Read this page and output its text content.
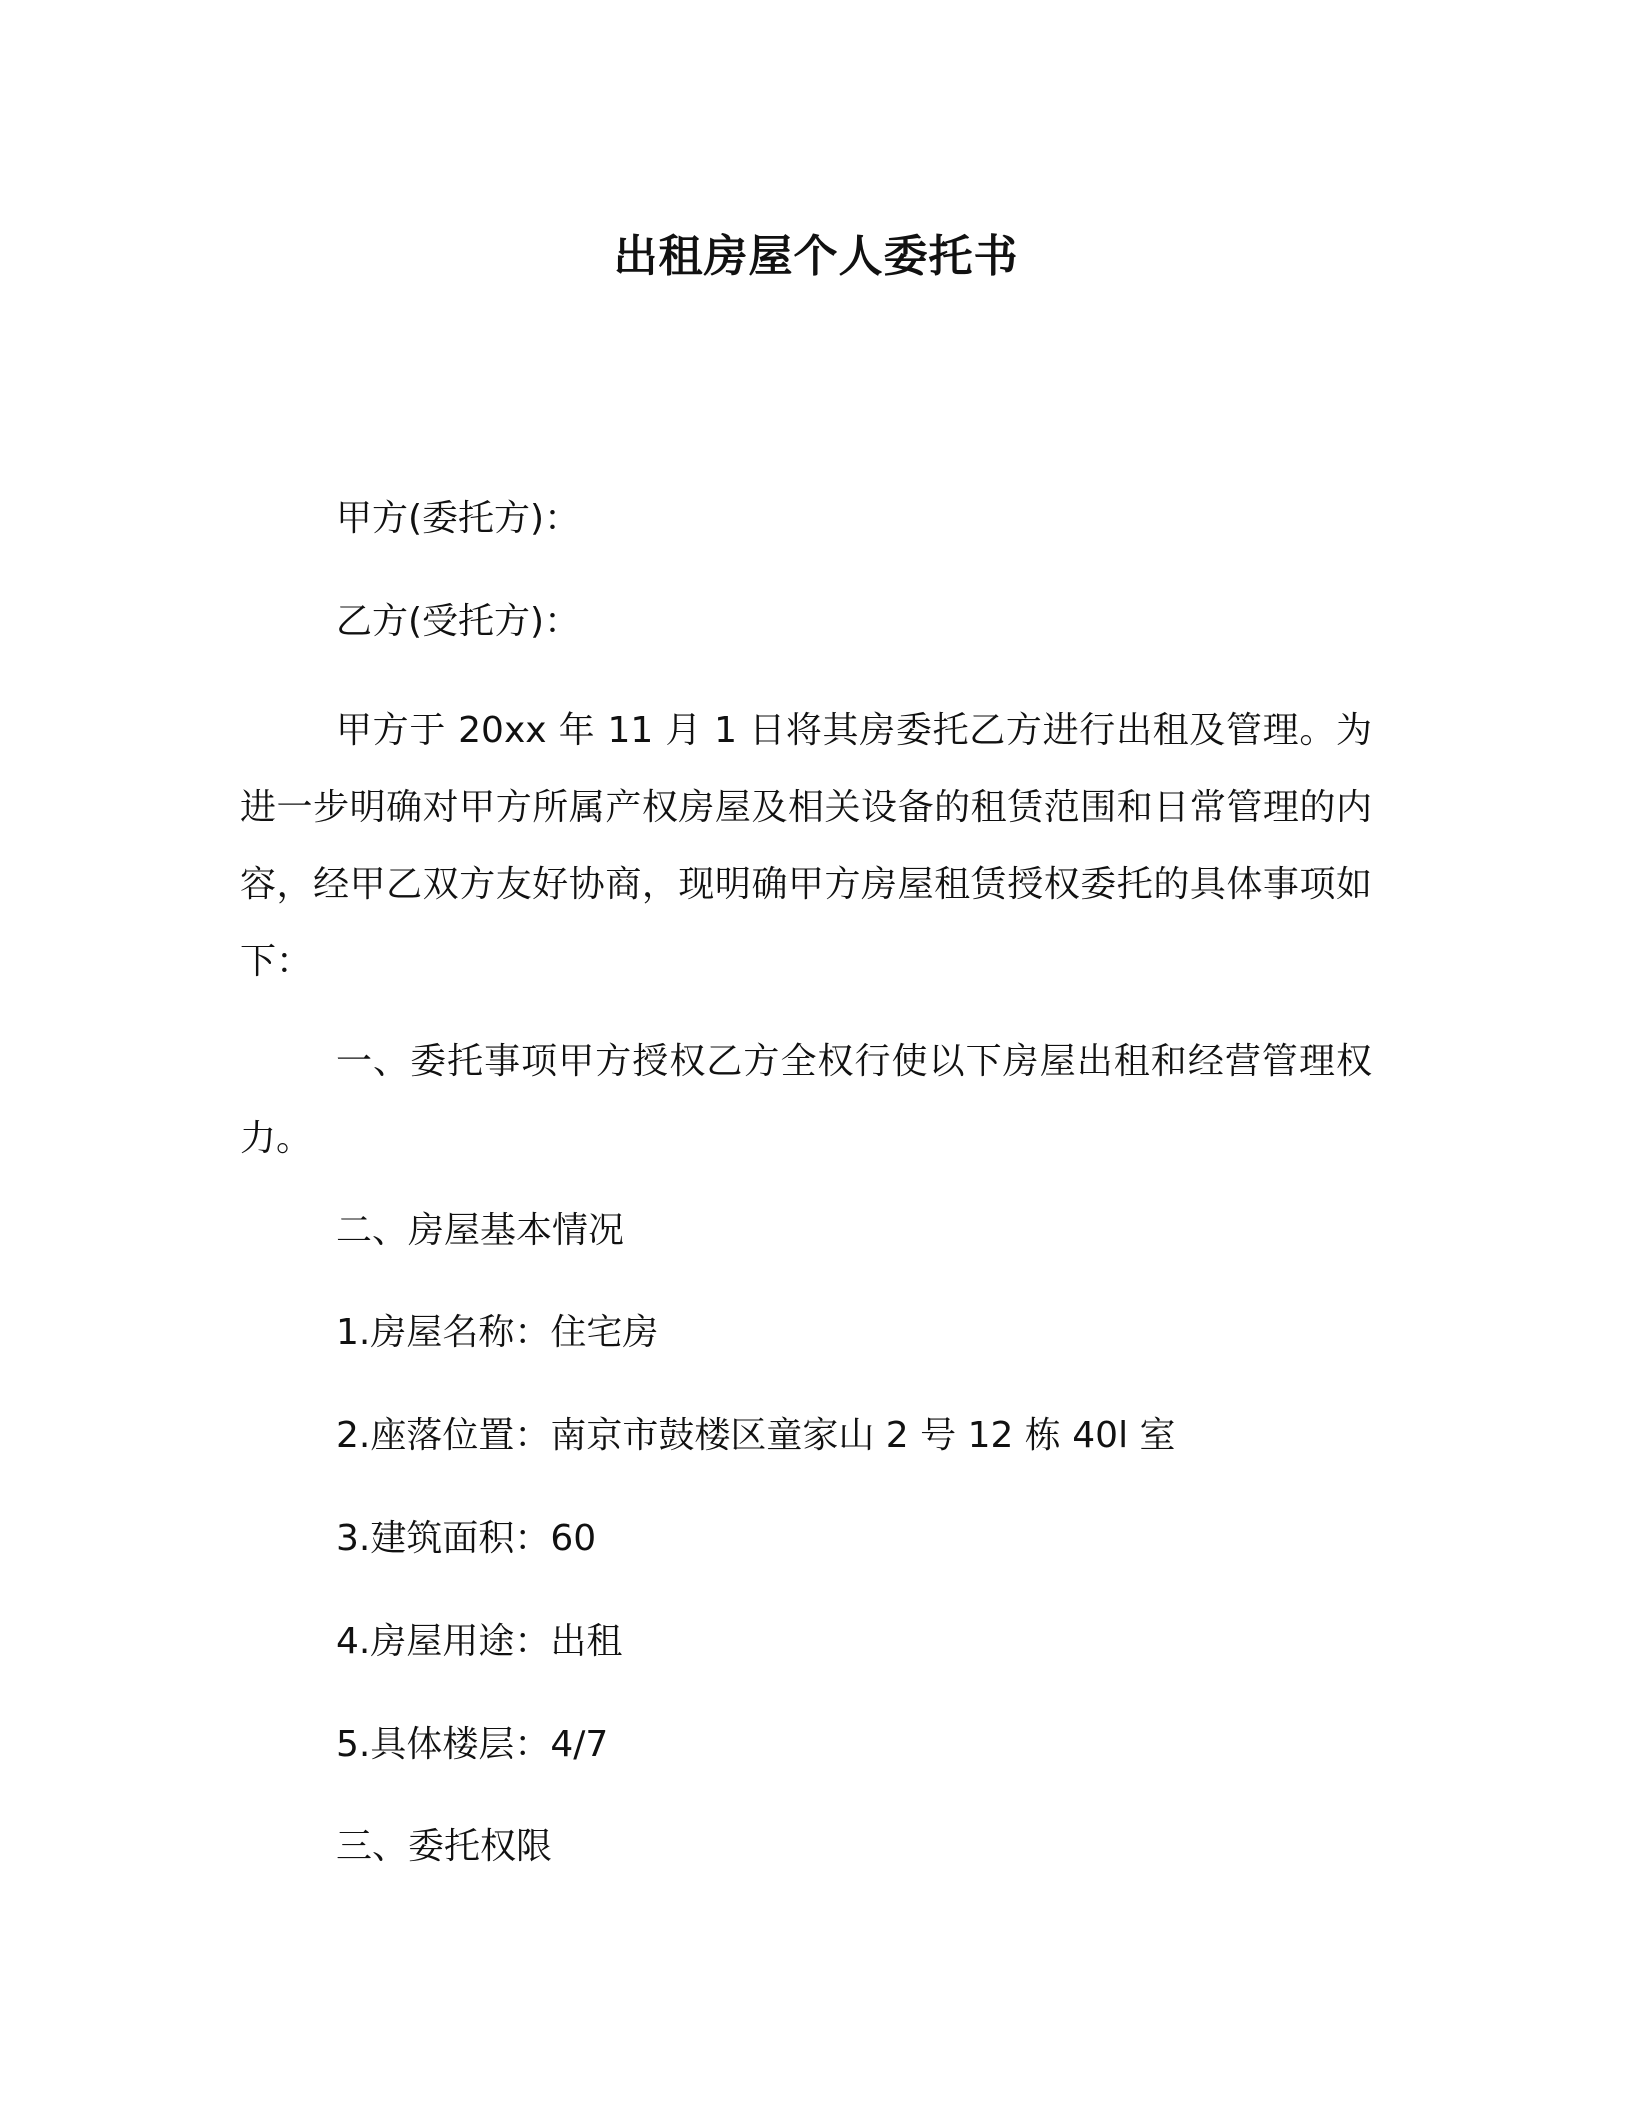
出租房屋个人委托书
甲方(委托方)：
乙方(受托方)：
甲方于 20xx 年 11 月 1 日将其房委托乙方进行出租及管理。为进一步明确对甲方所属产权房屋及相关设备的租赁范围和日常管理的内容，经甲乙双方友好协商，现明确甲方房屋租赁授权委托的具体事项如下：
一、委托事项甲方授权乙方全权行使以下房屋出租和经营管理权力。
二、房屋基本情况
1.房屋名称：住宅房
2.座落位置：南京市鼓楼区童家山 2 号 12 栋 40l 室
3.建筑面积：60
4.房屋用途：出租
5.具体楼层：4/7
三、委托权限
